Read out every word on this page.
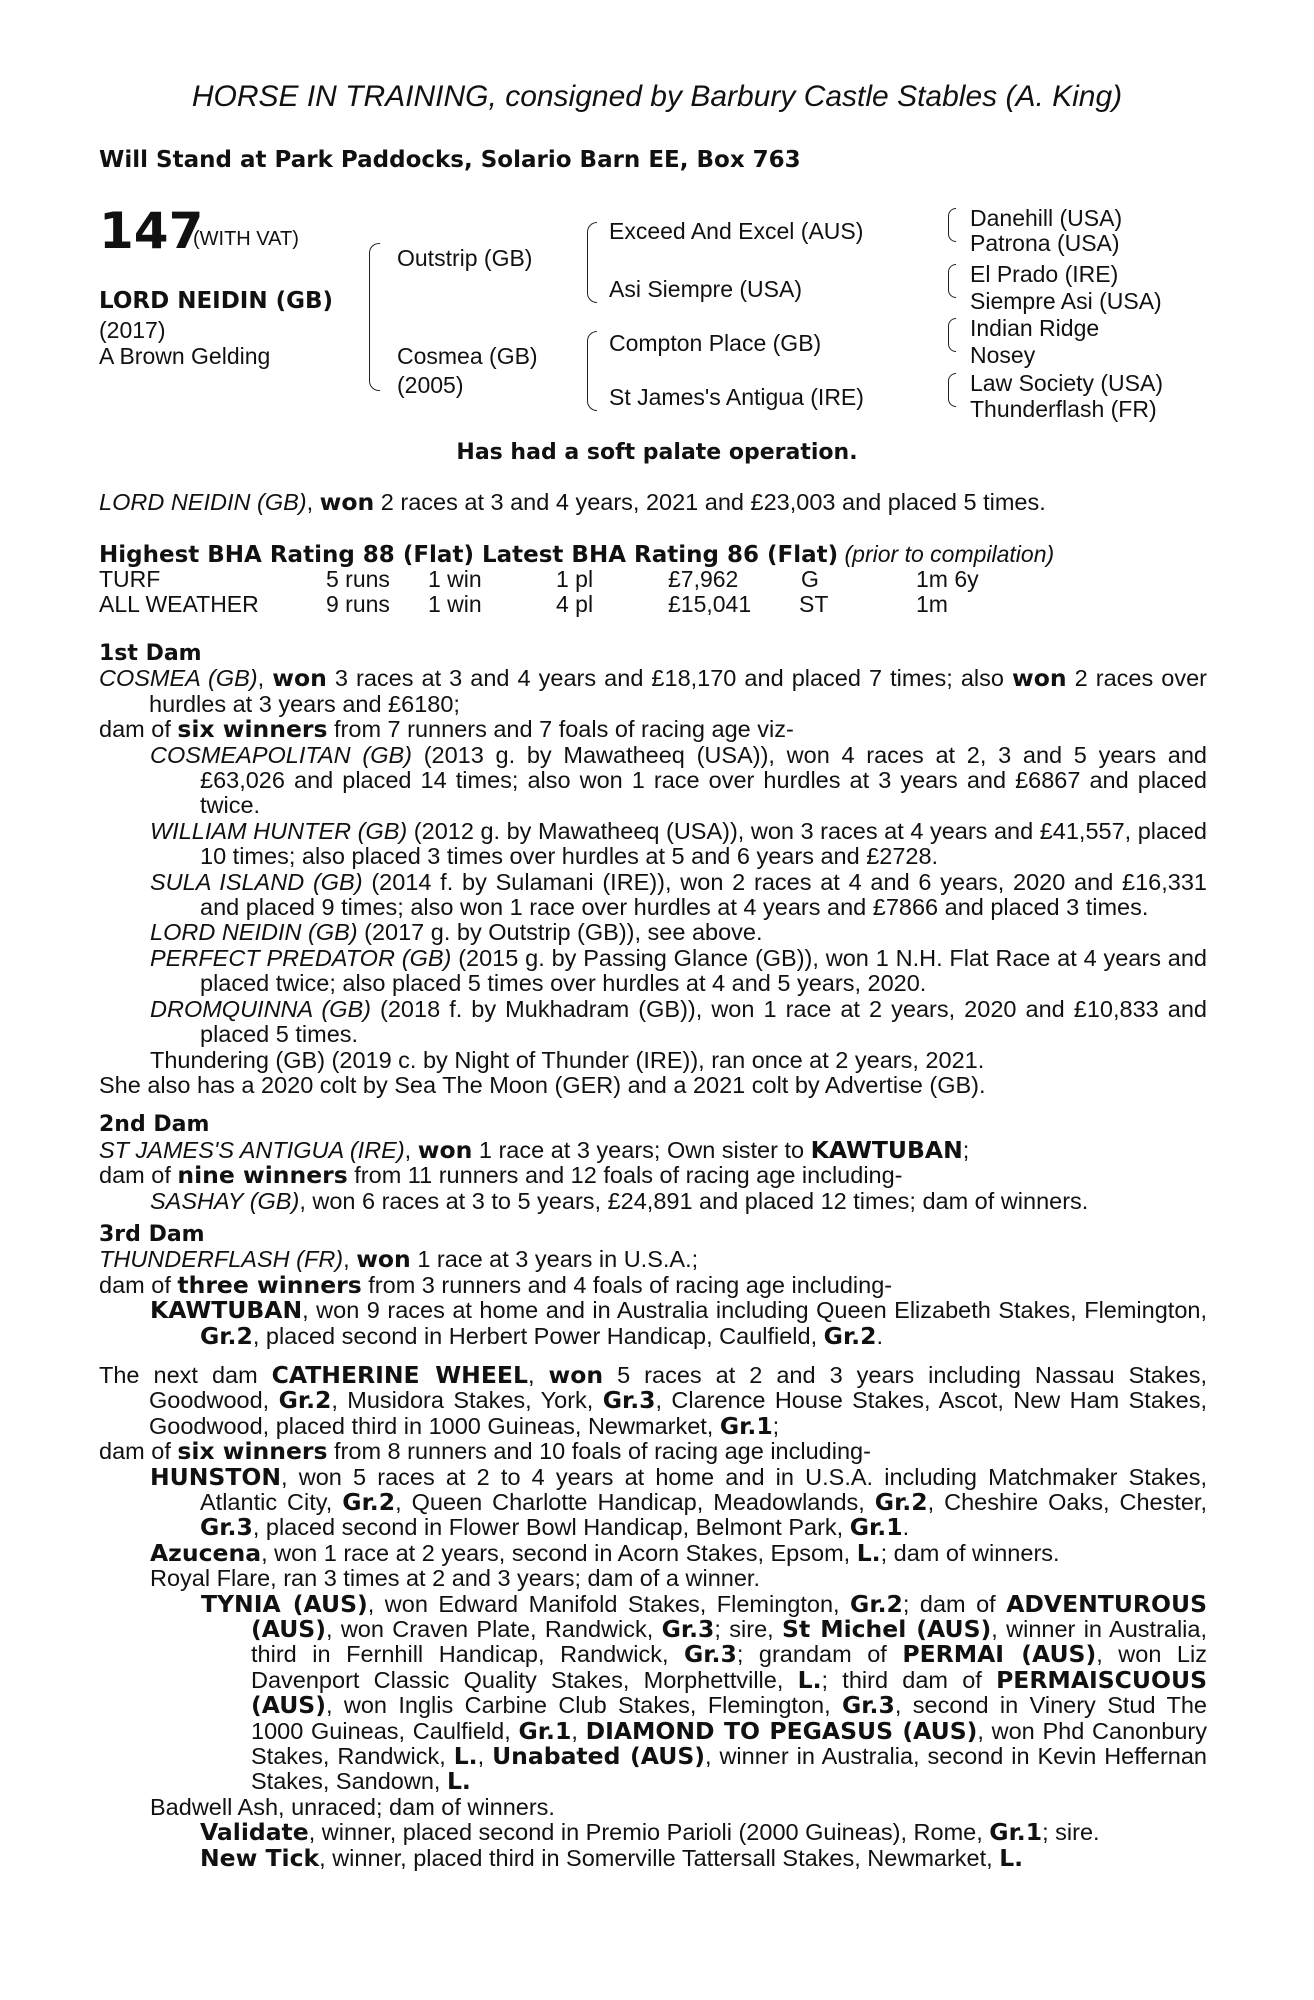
HORSE IN TRAINING, consigned by Barbury Castle Stables (A. King)
Will Stand at Park Paddocks, Solario Barn EE, Box 763
147
(WITH VAT)
LORD NEIDIN (GB)
(2017)
A Brown Gelding
Outstrip (GB)
Cosmea (GB)
(2005)
Exceed And Excel (AUS)
Asi Siempre (USA)
Compton Place (GB)
St James's Antigua (IRE)
Danehill (USA)
Patrona (USA)
El Prado (IRE)
Siempre Asi (USA)
Indian Ridge
Nosey
Law Society (USA)
Thunderflash (FR)
Has had a soft palate operation.

LORD NEIDIN (GB), won 2 races at 3 and 4 years, 2021 and £23,003 and placed 5 times.

Highest BHA Rating 88 (Flat) Latest BHA Rating 86 (Flat) (prior to compilation)
TURF	5 runs 1 win	1 pl	£7,962	G	1m 6y
ALL WEATHER	9 runs 1 win	4 pl	£15,041 ST	1m

1st Dam

COSMEA (GB), won 3 races at 3 and 4 years and £18,170 and placed 7 times; also won 2 races over hurdles at 3 years and £6180;

dam of six winners from 7 runners and 7 foals of racing age viz-

COSMEAPOLITAN (GB) (2013 g. by Mawatheeq (USA)), won 4 races at 2, 3 and 5 years and £63,026 and placed 14 times; also won 1 race over hurdles at 3 years and £6867 and placed twice.

WILLIAM HUNTER (GB) (2012 g. by Mawatheeq (USA)), won 3 races at 4 years and £41,557, placed 10 times; also placed 3 times over hurdles at 5 and 6 years and £2728.

SULA ISLAND (GB) (2014 f. by Sulamani (IRE)), won 2 races at 4 and 6 years, 2020 and £16,331 and placed 9 times; also won 1 race over hurdles at 4 years and £7866 and placed 3 times.

LORD NEIDIN (GB) (2017 g. by Outstrip (GB)), see above.

PERFECT PREDATOR (GB) (2015 g. by Passing Glance (GB)), won 1 N.H. Flat Race at 4 years and placed twice; also placed 5 times over hurdles at 4 and 5 years, 2020.

DROMQUINNA (GB) (2018 f. by Mukhadram (GB)), won 1 race at 2 years, 2020 and £10,833 and placed 5 times.

Thundering (GB) (2019 c. by Night of Thunder (IRE)), ran once at 2 years, 2021.

She also has a 2020 colt by Sea The Moon (GER) and a 2021 colt by Advertise (GB).

2nd Dam

ST JAMES'S ANTIGUA (IRE), won 1 race at 3 years; Own sister to KAWTUBAN;

dam of nine winners from 11 runners and 12 foals of racing age including-

SASHAY (GB), won 6 races at 3 to 5 years, £24,891 and placed 12 times; dam of winners.

3rd Dam

THUNDERFLASH (FR), won 1 race at 3 years in U.S.A.;

dam of three winners from 3 runners and 4 foals of racing age including-

KAWTUBAN, won 9 races at home and in Australia including Queen Elizabeth Stakes, Flemington, Gr.2, placed second in Herbert Power Handicap, Caulfield, Gr.2.

The next dam CATHERINE WHEEL, won 5 races at 2 and 3 years including Nassau Stakes, Goodwood, Gr.2, Musidora Stakes, York, Gr.3, Clarence House Stakes, Ascot, New Ham Stakes, Goodwood, placed third in 1000 Guineas, Newmarket, Gr.1;

dam of six winners from 8 runners and 10 foals of racing age including-

HUNSTON, won 5 races at 2 to 4 years at home and in U.S.A. including Matchmaker Stakes, Atlantic City, Gr.2, Queen Charlotte Handicap, Meadowlands, Gr.2, Cheshire Oaks, Chester, Gr.3, placed second in Flower Bowl Handicap, Belmont Park, Gr.1.

Azucena, won 1 race at 2 years, second in Acorn Stakes, Epsom, L.; dam of winners.

Royal Flare, ran 3 times at 2 and 3 years; dam of a winner.

TYNIA (AUS), won Edward Manifold Stakes, Flemington, Gr.2; dam of ADVENTUROUS (AUS), won Craven Plate, Randwick, Gr.3; sire, St Michel (AUS), winner in Australia, third in Fernhill Handicap, Randwick, Gr.3; grandam of PERMAI (AUS), won Liz Davenport Classic Quality Stakes, Morphettville, L.; third dam of PERMAISCUOUS (AUS), won Inglis Carbine Club Stakes, Flemington, Gr.3, second in Vinery Stud The 1000 Guineas, Caulfield, Gr.1, DIAMOND TO PEGASUS (AUS), won Phd Canonbury Stakes, Randwick, L., Unabated (AUS), winner in Australia, second in Kevin Heffernan Stakes, Sandown, L.

Badwell Ash, unraced; dam of winners.

Validate, winner, placed second in Premio Parioli (2000 Guineas), Rome, Gr.1; sire.

New Tick, winner, placed third in Somerville Tattersall Stakes, Newmarket, L.
